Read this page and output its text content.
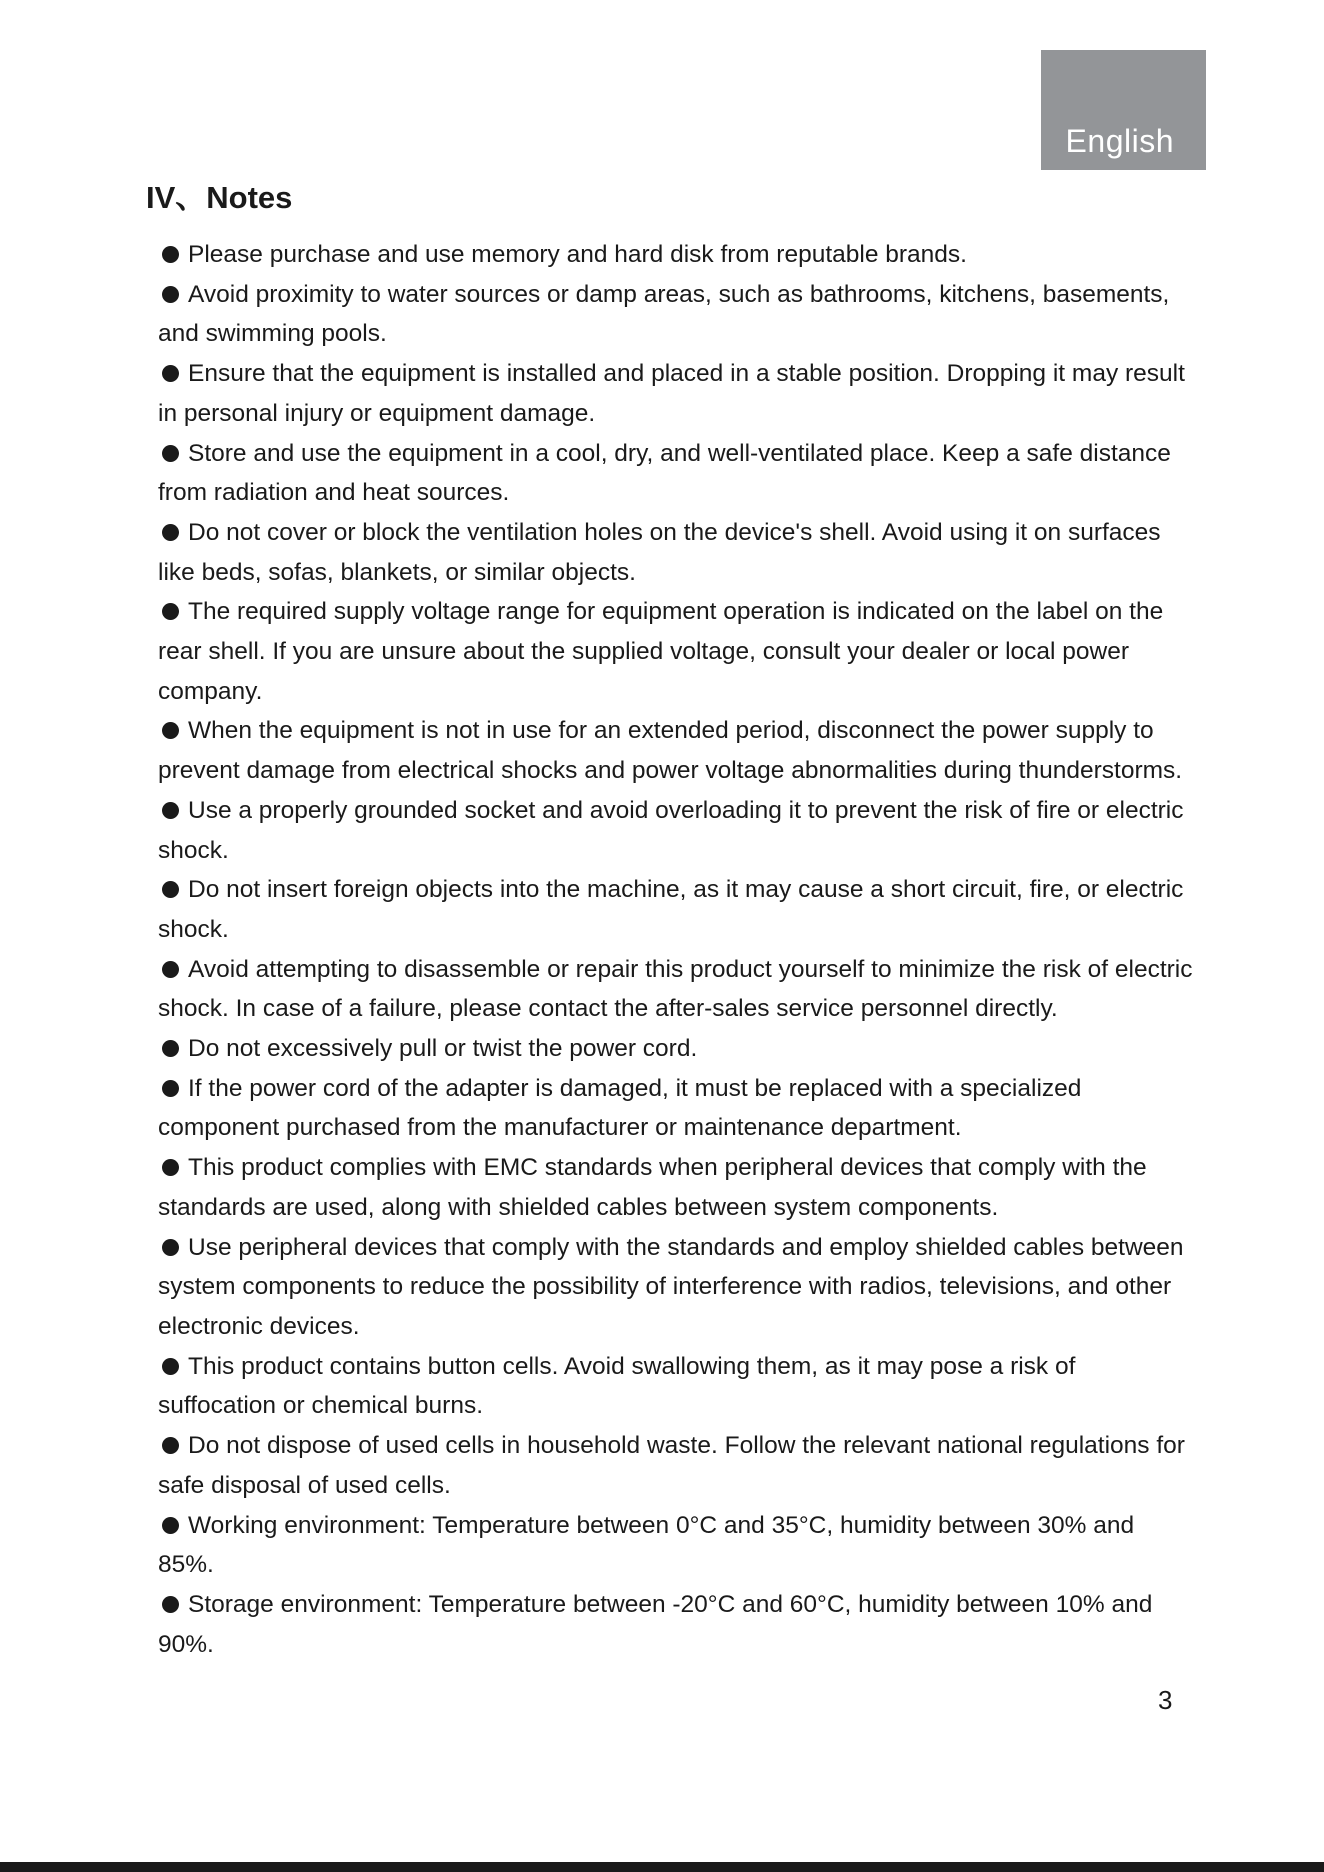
English
IV、Notes
Please purchase and use memory and hard disk from reputable brands.
Avoid proximity to water sources or damp areas, such as bathrooms, kitchens, basements, and swimming pools.
Ensure that the equipment is installed and placed in a stable position. Dropping it may result in personal injury or equipment damage.
Store and use the equipment in a cool, dry, and well-ventilated place. Keep a safe distance from radiation and heat sources.
Do not cover or block the ventilation holes on the device's shell. Avoid using it on surfaces like beds, sofas, blankets, or similar objects.
The required supply voltage range for equipment operation is indicated on the label on the rear shell. If you are unsure about the supplied voltage, consult your dealer or local power company.
When the equipment is not in use for an extended period, disconnect the power supply to prevent damage from electrical shocks and power voltage abnormalities during thunderstorms.
Use a properly grounded socket and avoid overloading it to prevent the risk of fire or electric shock.
Do not insert foreign objects into the machine, as it may cause a short circuit, fire, or electric shock.
Avoid attempting to disassemble or repair this product yourself to minimize the risk of electric shock. In case of a failure, please contact the after-sales service personnel directly.
Do not excessively pull or twist the power cord.
If the power cord of the adapter is damaged, it must be replaced with a specialized component purchased from the manufacturer or maintenance department.
This product complies with EMC standards when peripheral devices that comply with the standards are used, along with shielded cables between system components.
Use peripheral devices that comply with the standards and employ shielded cables between system components to reduce the possibility of interference with radios, televisions, and other electronic devices.
This product contains button cells. Avoid swallowing them, as it may pose a risk of suffocation or chemical burns.
Do not dispose of used cells in household waste. Follow the relevant national regulations for safe disposal of used cells.
Working environment: Temperature between 0°C and 35°C, humidity between 30% and 85%.
Storage environment: Temperature between -20°C and 60°C, humidity between 10% and 90%.
3
